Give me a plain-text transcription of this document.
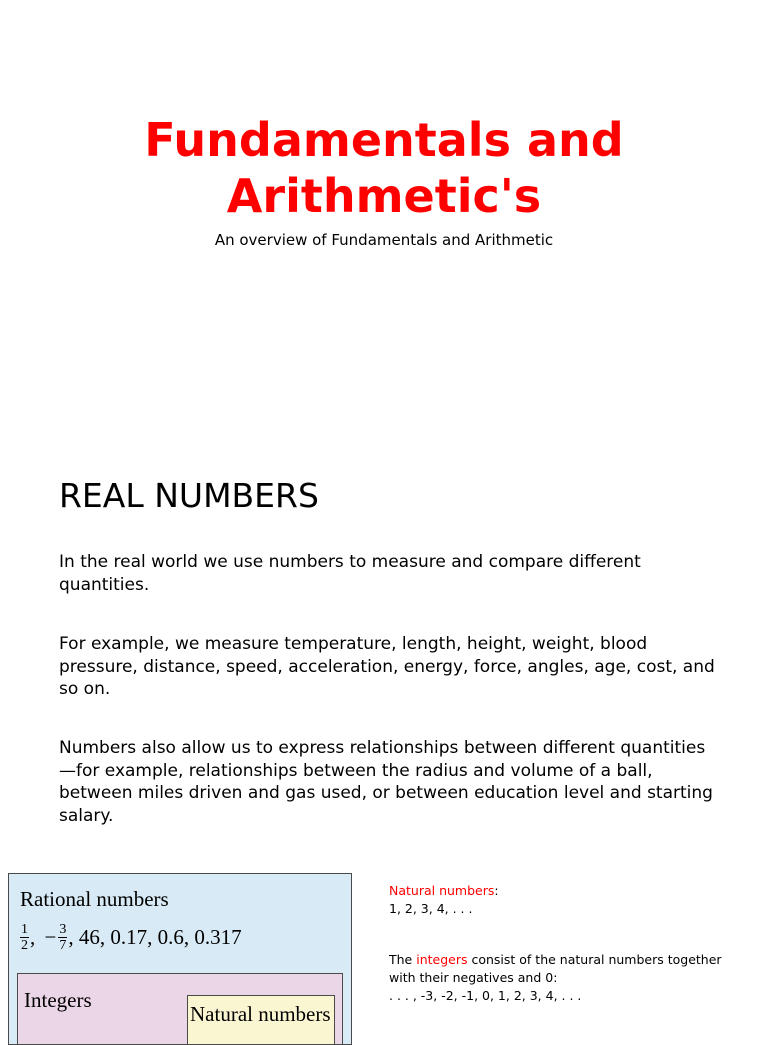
Fundamentals and
Arithmetic's
An overview of Fundamentals and Arithmetic
REAL NUMBERS
In the real world we use numbers to measure and compare different quantities.
For example, we measure temperature, length, height, weight, blood pressure, distance, speed, acceleration, energy, force, angles, age, cost, and so on.
Numbers also allow us to express relationships between different quantities—for example, relationships between the radius and volume of a ball, between miles driven and gas used, or between education level and starting salary.
Rational numbers
$\frac{1}{2}$ , − $\frac{3}{7}$ , 46, 0.17, 0.6, 0.317
Integers
Natural numbers
Natural numbers:
1, 2, 3, 4, . . .
The integers consist of the natural numbers together with their negatives and 0:
. . . , -3, -2, -1, 0, 1, 2, 3, 4, . . .
